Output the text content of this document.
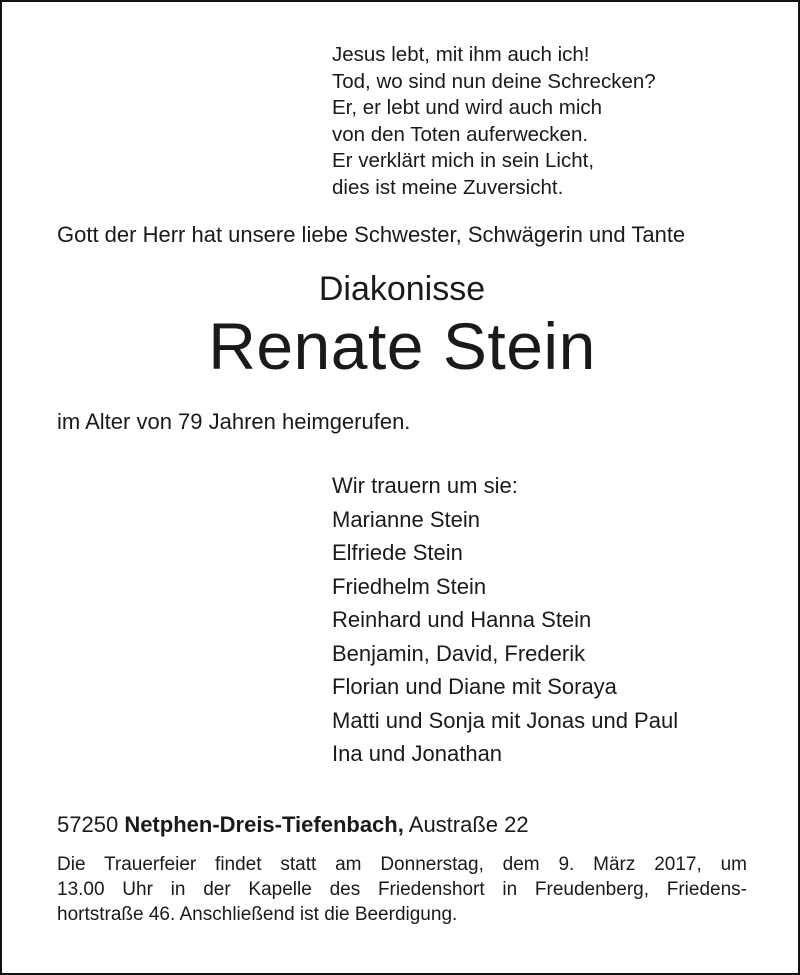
Jesus lebt, mit ihm auch ich!
Tod, wo sind nun deine Schrecken?
Er, er lebt und wird auch mich
von den Toten auferwecken.
Er verklärt mich in sein Licht,
dies ist meine Zuversicht.
Gott der Herr hat unsere liebe Schwester, Schwägerin und Tante
Diakonisse
Renate Stein
im Alter von 79 Jahren heimgerufen.
Wir trauern um sie:
Marianne Stein
Elfriede Stein
Friedhelm Stein
Reinhard und Hanna Stein
Benjamin, David, Frederik
Florian und Diane mit Soraya
Matti und Sonja mit Jonas und Paul
Ina und Jonathan
57250 Netphen-Dreis-Tiefenbach, Austraße 22
Die Trauerfeier findet statt am Donnerstag, dem 9. März 2017, um
13.00 Uhr in der Kapelle des Friedenshort in Freudenberg, Friedens-
hortstraße 46. Anschließend ist die Beerdigung.
